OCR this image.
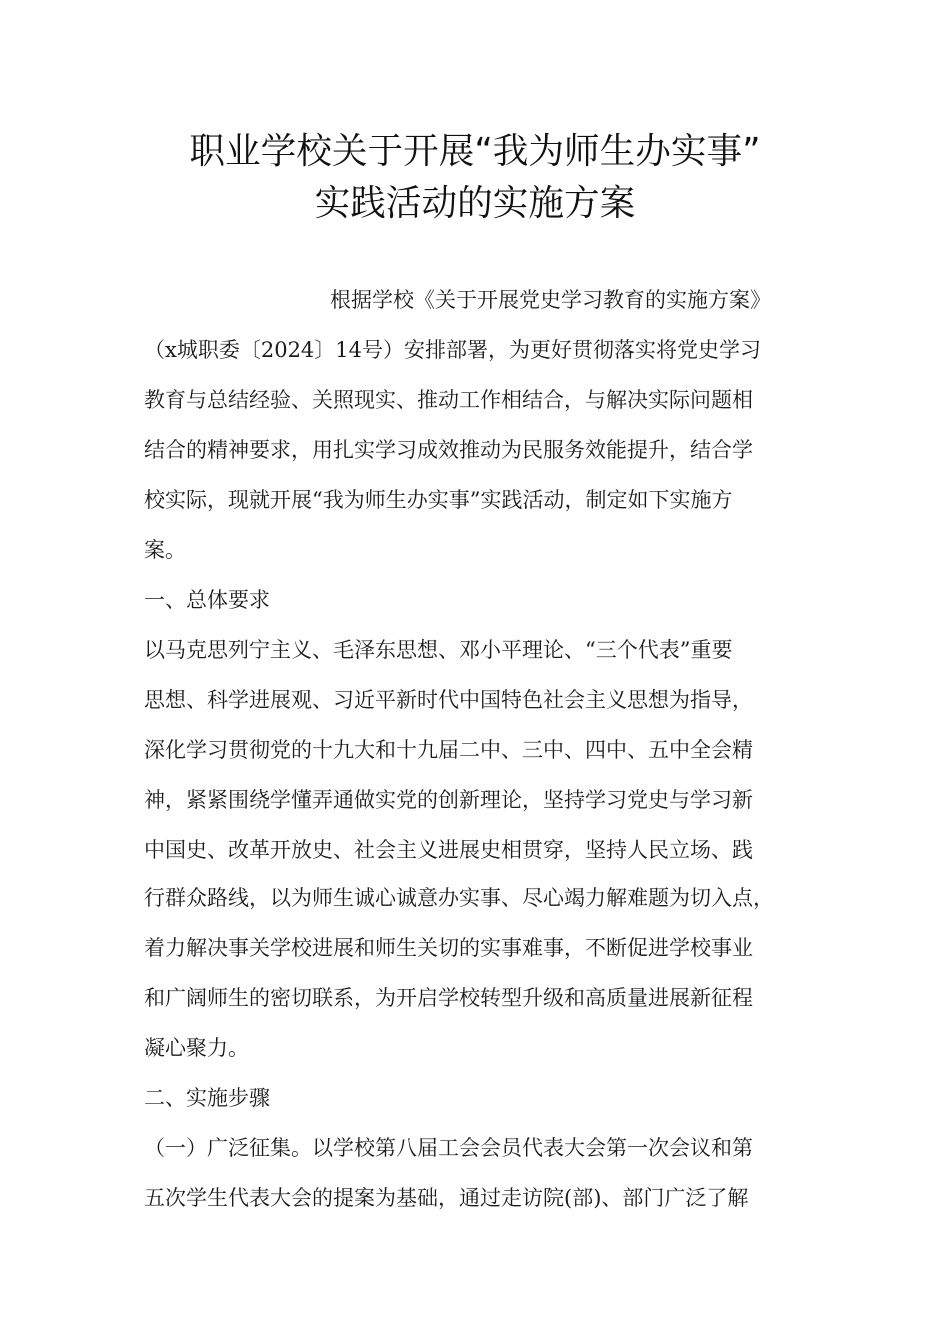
职业学校关于开展“我为师生办实事”
实践活动的实施方案
根据学校《关于开展党史学习教育的实施方案》
（x城职委〔2024〕14号）安排部署，为更好贯彻落实将党史学习
教育与总结经验、关照现实、推动工作相结合，与解决实际问题相
结合的精神要求，用扎实学习成效推动为民服务效能提升，结合学
校实际，现就开展“我为师生办实事”实践活动，制定如下实施方
案。
一、总体要求
以马克思列宁主义、毛泽东思想、邓小平理论、“三个代表”重要
思想、科学进展观、习近平新时代中国特色社会主义思想为指导，
深化学习贯彻党的十九大和十九届二中、三中、四中、五中全会精
神，紧紧围绕学懂弄通做实党的创新理论，坚持学习党史与学习新
中国史、改革开放史、社会主义进展史相贯穿，坚持人民立场、践
行群众路线，以为师生诚心诚意办实事、尽心竭力解难题为切入点，
着力解决事关学校进展和师生关切的实事难事，不断促进学校事业
和广阔师生的密切联系，为开启学校转型升级和高质量进展新征程
凝心聚力。
二、实施步骤
（一）广泛征集。以学校第八届工会会员代表大会第一次会议和第
五次学生代表大会的提案为基础，通过走访院(部)、部门广泛了解
